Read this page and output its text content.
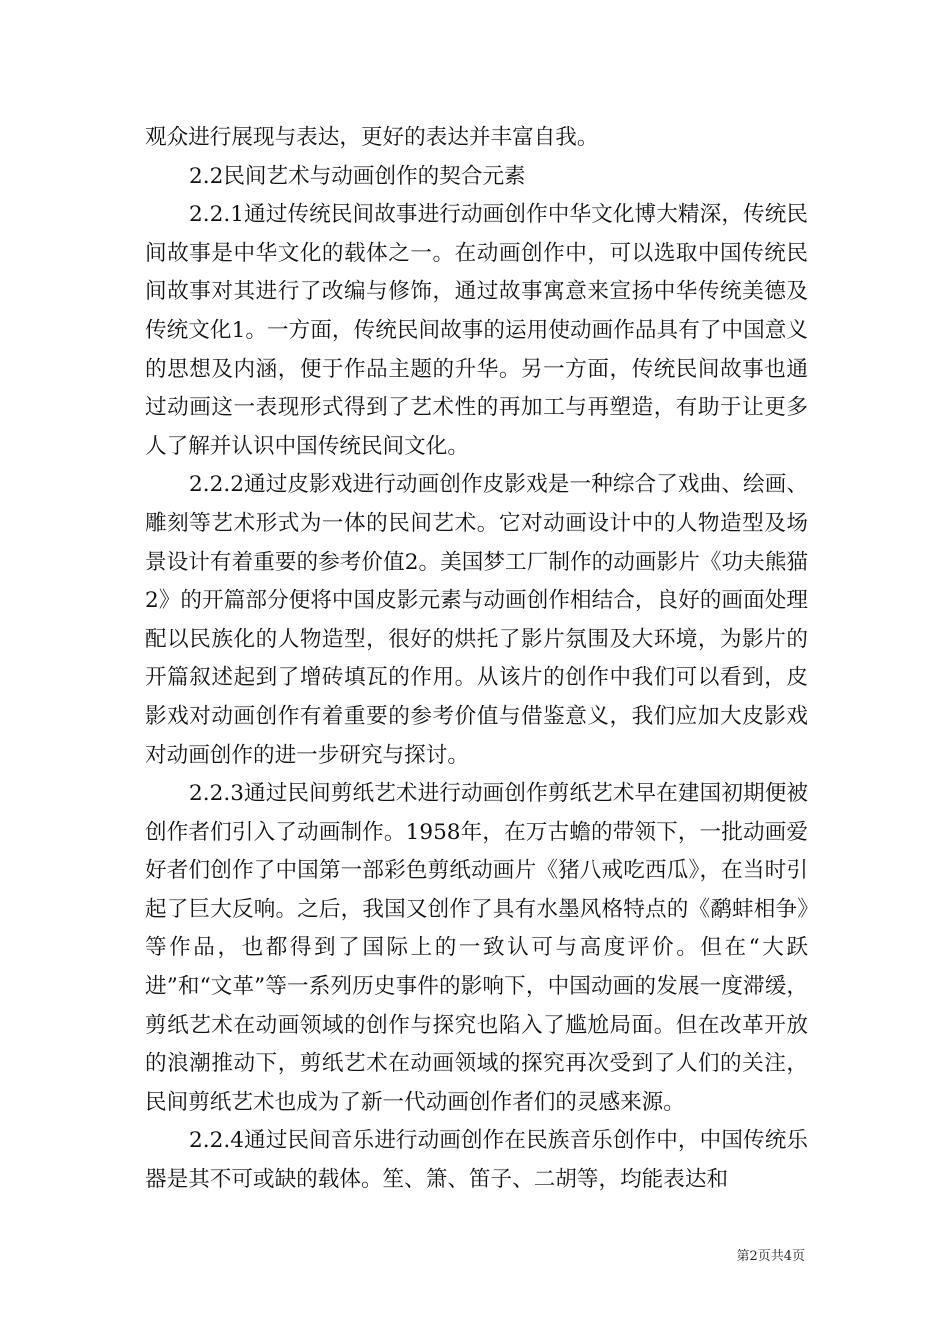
观众进行展现与表达，更好的表达并丰富自我。

2.2民间艺术与动画创作的契合元素

2.2.1通过传统民间故事进行动画创作中华文化博大精深，传统民间故事是中华文化的载体之一。在动画创作中，可以选取中国传统民间故事对其进行了改编与修饰，通过故事寓意来宣扬中华传统美德及传统文化1。一方面，传统民间故事的运用使动画作品具有了中国意义的思想及内涵，便于作品主题的升华。另一方面，传统民间故事也通过动画这一表现形式得到了艺术性的再加工与再塑造，有助于让更多人了解并认识中国传统民间文化。

2.2.2通过皮影戏进行动画创作皮影戏是一种综合了戏曲、绘画、雕刻等艺术形式为一体的民间艺术。它对动画设计中的人物造型及场景设计有着重要的参考价值2。美国梦工厂制作的动画影片《功夫熊猫2》的开篇部分便将中国皮影元素与动画创作相结合，良好的画面处理配以民族化的人物造型，很好的烘托了影片氛围及大环境，为影片的开篇叙述起到了增砖填瓦的作用。从该片的创作中我们可以看到，皮影戏对动画创作有着重要的参考价值与借鉴意义，我们应加大皮影戏对动画创作的进一步研究与探讨。

2.2.3通过民间剪纸艺术进行动画创作剪纸艺术早在建国初期便被创作者们引入了动画制作。1958年，在万古蟾的带领下，一批动画爱好者们创作了中国第一部彩色剪纸动画片《猪八戒吃西瓜》，在当时引起了巨大反响。之后，我国又创作了具有水墨风格特点的《鹬蚌相争》等作品，也都得到了国际上的一致认可与高度评价。但在“大跃进”和“文革”等一系列历史事件的影响下，中国动画的发展一度滞缓，剪纸艺术在动画领域的创作与探究也陷入了尴尬局面。但在改革开放的浪潮推动下，剪纸艺术在动画领域的探究再次受到了人们的关注，民间剪纸艺术也成为了新一代动画创作者们的灵感来源。

2.2.4通过民间音乐进行动画创作在民族音乐创作中，中国传统乐器是其不可或缺的载体。笙、箫、笛子、二胡等，均能表达和

第2页共4页
